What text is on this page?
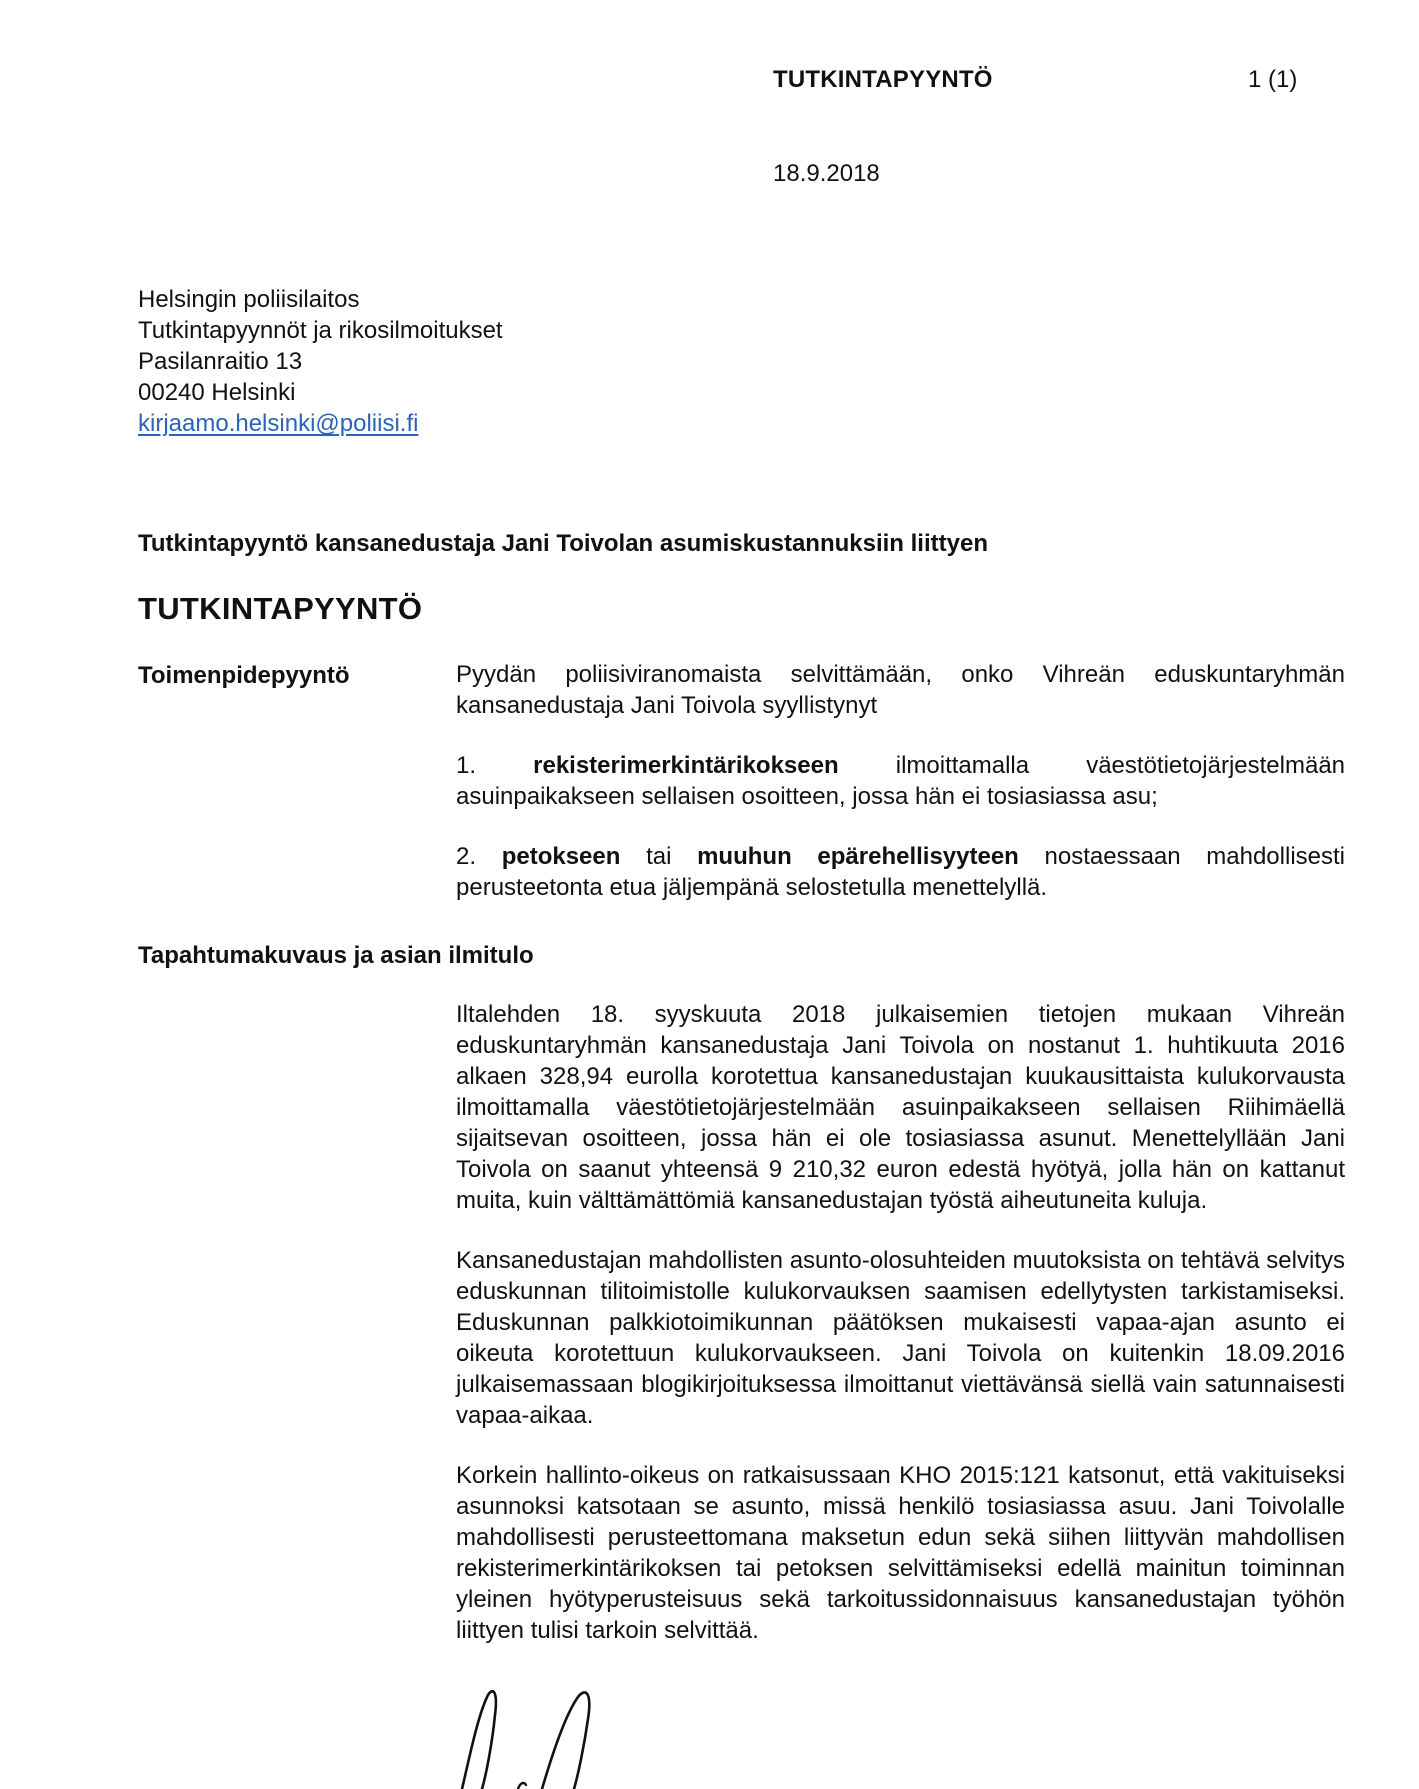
TUTKINTAPYYNTÖ	1 (1)
18.9.2018
Helsingin poliisilaitos
Tutkintapyynnöt ja rikosilmoitukset
Pasilanraitio 13
00240 Helsinki
kirjaamo.helsinki@poliisi.fi
Tutkintapyyntö kansanedustaja Jani Toivolan asumiskustannuksiin liittyen
TUTKINTAPYYNTÖ
Toimenpidepyyntö	Pyydän poliisiviranomaista selvittämään, onko Vihreän eduskuntaryhmän kansanedustaja Jani Toivola syyllistynyt

1. rekisterimerkintärikokseen ilmoittamalla väestötietojärjestelmään asuinpaikakseen sellaisen osoitteen, jossa hän ei tosiasiassa asu;

2. petokseen tai muuhun epärehellisyyteen nostaessaan mahdollisesti perusteetonta etua jäljempänä selostetulla menettelyllä.

Tapahtumakuvaus ja asian ilmitulo

Iltalehden 18. syyskuuta 2018 julkaisemien tietojen mukaan Vihreän eduskuntaryhmän kansanedustaja Jani Toivola on nostanut 1. huhtikuuta 2016 alkaen 328,94 eurolla korotettua kansanedustajan kuukausittaista kulukorvausta ilmoittamalla väestötietojärjestelmään asuinpaikakseen sellaisen Riihimäellä sijaitsevan osoitteen, jossa hän ei ole tosiasiassa asunut. Menettelyllään Jani Toivola on saanut yhteensä 9 210,32 euron edestä hyötyä, jolla hän on kattanut muita, kuin välttämättömiä kansanedustajan työstä aiheutuneita kuluja.

Kansanedustajan mahdollisten asunto-olosuhteiden muutoksista on tehtävä selvitys eduskunnan tilitoimistolle kulukorvauksen saamisen edellytysten tarkistamiseksi. Eduskunnan palkkiotoimikunnan päätöksen mukaisesti vapaa-ajan asunto ei oikeuta korotettuun kulukorvaukseen. Jani Toivola on kuitenkin 18.09.2016 julkaisemassaan blogikirjoituksessa ilmoittanut viettävänsä siellä vain satunnaisesti vapaa-aikaa.

Korkein hallinto-oikeus on ratkaisussaan KHO 2015:121 katsonut, että vakituiseksi asunnoksi katsotaan se asunto, missä henkilö tosiasiassa asuu. Jani Toivolalle mahdollisesti perusteettomana maksetun edun sekä siihen liittyvän mahdollisen rekisterimerkintärikoksen tai petoksen selvittämiseksi edellä mainitun toiminnan yleinen hyötyperusteisuus sekä tarkoitussidonnaisuus kansanedustajan työhön liittyen tulisi tarkoin selvittää.
